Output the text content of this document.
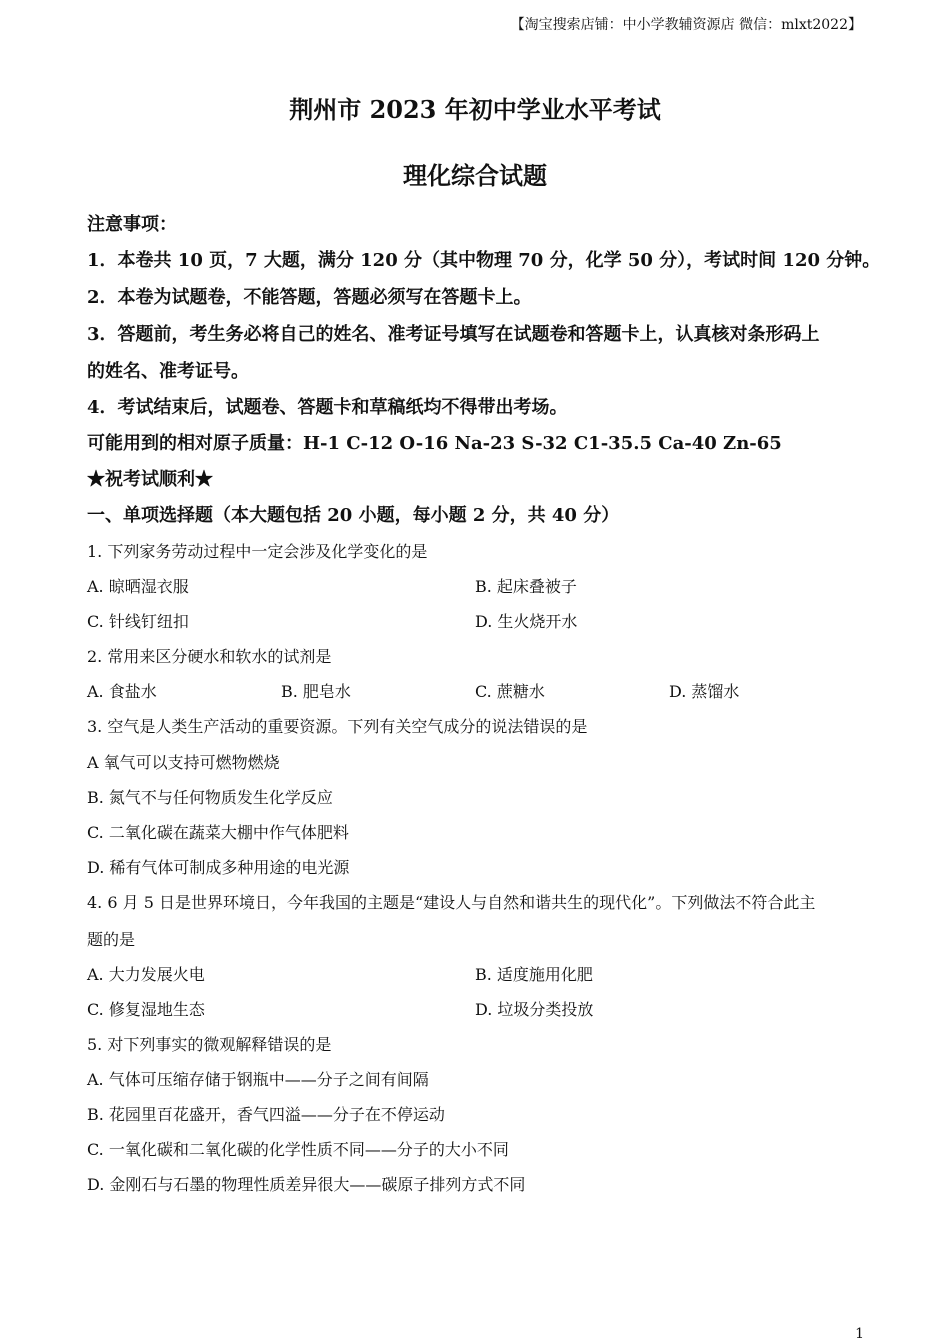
【淘宝搜索店铺：中小学教辅资源店 微信：mlxt2022】
荆州市 2023 年初中学业水平考试
理化综合试题
注意事项：
1．本卷共 10 页，7 大题，满分 120 分（其中物理 70 分，化学 50 分），考试时间 120 分钟。
2．本卷为试题卷，不能答题，答题必须写在答题卡上。
3．答题前，考生务必将自己的姓名、准考证号填写在试题卷和答题卡上，认真核对条形码上
的姓名、准考证号。
4．考试结束后，试题卷、答题卡和草稿纸均不得带出考场。
可能用到的相对原子质量：H-1 C-12 O-16 Na-23 S-32 C1-35.5 Ca-40 Zn-65
★祝考试顺利★
一、单项选择题（本大题包括 20 小题，每小题 2 分，共 40 分）
1. 下列家务劳动过程中一定会涉及化学变化的是
A. 晾晒湿衣服	B. 起床叠被子
C. 针线钉纽扣	D. 生火烧开水
2. 常用来区分硬水和软水的试剂是
A. 食盐水	B. 肥皂水	C. 蔗糖水	D. 蒸馏水
3. 空气是人类生产活动的重要资源。下列有关空气成分的说法错误的是
A 氧气可以支持可燃物燃烧
B. 氮气不与任何物质发生化学反应
C. 二氧化碳在蔬菜大棚中作气体肥料
D. 稀有气体可制成多种用途的电光源
4. 6 月 5 日是世界环境日，今年我国的主题是“建设人与自然和谐共生的现代化”。下列做法不符合此主
题的是
A. 大力发展火电	B. 适度施用化肥
C. 修复湿地生态	D. 垃圾分类投放
5. 对下列事实的微观解释错误的是
A. 气体可压缩存储于钢瓶中——分子之间有间隔
B. 花园里百花盛开，香气四溢——分子在不停运动
C. 一氧化碳和二氧化碳的化学性质不同——分子的大小不同
D. 金刚石与石墨的物理性质差异很大——碳原子排列方式不同
1
